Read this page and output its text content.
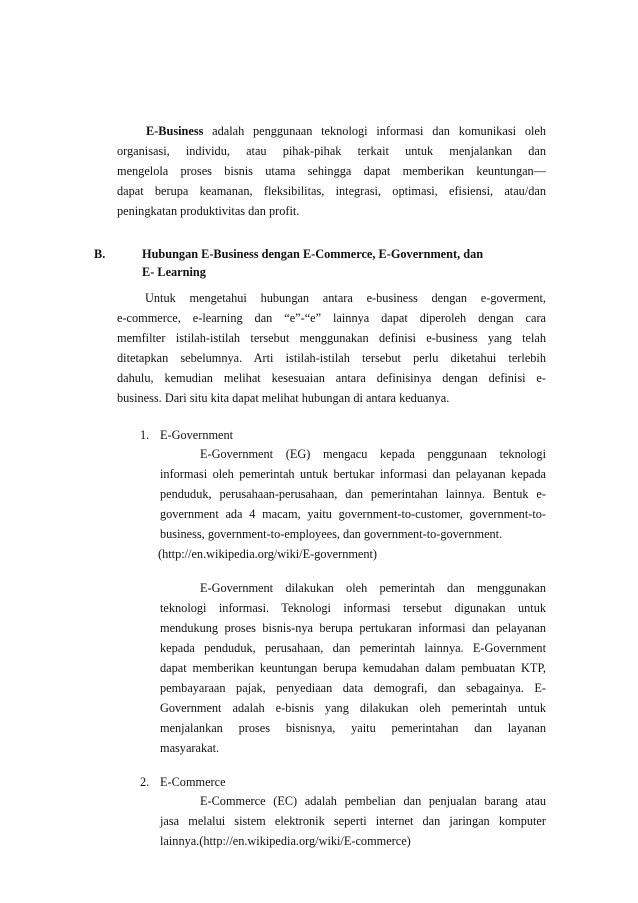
E-Business adalah penggunaan teknologi informasi dan komunikasi oleh
organisasi, individu, atau pihak-pihak terkait untuk menjalankan dan
mengelola proses bisnis utama sehingga dapat memberikan keuntungan—
dapat berupa keamanan, fleksibilitas, integrasi, optimasi, efisiensi, atau/dan
peningkatan produktivitas dan profit.
B.	Hubungan E-Business dengan E-Commerce, E-Government, dan
E- Learning
Untuk mengetahui hubungan antara e-business dengan e-goverment,
e-commerce, e-learning dan “e”-“e” lainnya dapat diperoleh dengan cara
memfilter istilah-istilah tersebut menggunakan definisi e-business yang telah
ditetapkan sebelumnya. Arti istilah-istilah tersebut perlu diketahui terlebih
dahulu, kemudian melihat kesesuaian antara definisinya dengan definisi e-
business. Dari situ kita dapat melihat hubungan di antara keduanya.
1. E-Government
E-Government (EG) mengacu kepada penggunaan teknologi
informasi oleh pemerintah untuk bertukar informasi dan pelayanan kepada
penduduk, perusahaan-perusahaan, dan pemerintahan lainnya. Bentuk e-
government ada 4 macam, yaitu government-to-customer, government-to-
business, government-to-employees, dan government-to-government.
(http://en.wikipedia.org/wiki/E-government)
E-Government dilakukan oleh pemerintah dan menggunakan
teknologi informasi. Teknologi informasi tersebut digunakan untuk
mendukung proses bisnis-nya berupa pertukaran informasi dan pelayanan
kepada penduduk, perusahaan, dan pemerintah lainnya. E-Government
dapat memberikan keuntungan berupa kemudahan dalam pembuatan KTP,
pembayaraan pajak, penyediaan data demografi, dan sebagainya. E-
Government adalah e-bisnis yang dilakukan oleh pemerintah untuk
menjalankan proses bisnisnya, yaitu pemerintahan dan layanan
masyarakat.
2. E-Commerce
E-Commerce (EC) adalah pembelian dan penjualan barang atau
jasa melalui sistem elektronik seperti internet dan jaringan komputer
lainnya.(http://en.wikipedia.org/wiki/E-commerce)
